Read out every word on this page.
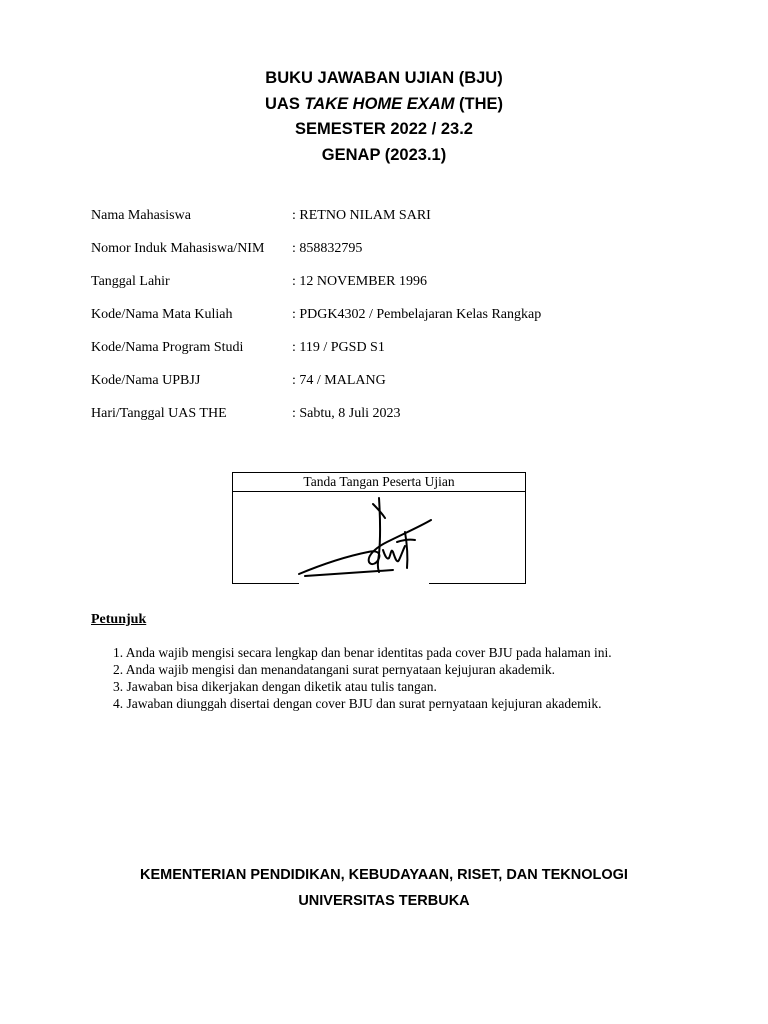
BUKU JAWABAN UJIAN (BJU)
UAS TAKE HOME EXAM (THE)
SEMESTER 2022 / 23.2
GENAP (2023.1)
Nama Mahasiswa	: RETNO NILAM SARI
Nomor Induk Mahasiswa/NIM : 858832795
Tanggal Lahir	: 12 NOVEMBER 1996
Kode/Nama Mata Kuliah	: PDGK4302 / Pembelajaran Kelas Rangkap
Kode/Nama Program Studi	: 119 / PGSD S1
Kode/Nama UPBJJ	: 74 / MALANG
Hari/Tanggal UAS THE	: Sabtu, 8 Juli 2023
Tanda Tangan Peserta Ujian
Petunjuk
1. Anda wajib mengisi secara lengkap dan benar identitas pada cover BJU pada halaman ini.
2. Anda wajib mengisi dan menandatangani surat pernyataan kejujuran akademik.
3. Jawaban bisa dikerjakan dengan diketik atau tulis tangan.
4. Jawaban diunggah disertai dengan cover BJU dan surat pernyataan kejujuran akademik.
KEMENTERIAN PENDIDIKAN, KEBUDAYAAN, RISET, DAN TEKNOLOGI
UNIVERSITAS TERBUKA
